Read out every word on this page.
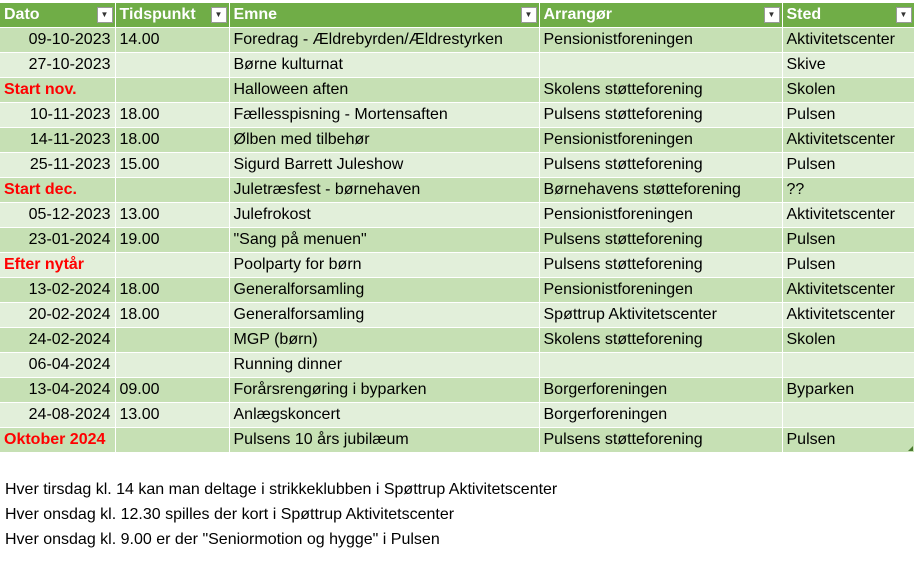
Dato ▼	Tidspunkt ▼	Emne ▼	Arrangør ▼	Sted ▼

09-10-2023	14.00	Foredrag - Ældrebyrden/Ældrestyrken	Pensionistforeningen	Aktivitetscenter
27-10-2023		Børne kulturnat		Skive
Start nov.		Halloween aften	Skolens støtteforening	Skolen
10-11-2023	18.00	Fællesspisning - Mortensaften	Pulsens støtteforening	Pulsen
14-11-2023	18.00	Ølben med tilbehør	Pensionistforeningen	Aktivitetscenter
25-11-2023	15.00	Sigurd Barrett Juleshow	Pulsens støtteforening	Pulsen
Start dec.		Juletræsfest - børnehaven	Børnehavens støtteforening	??
05-12-2023	13.00	Julefrokost	Pensionistforeningen	Aktivitetscenter
23-01-2024	19.00	"Sang på menuen"	Pulsens støtteforening	Pulsen
Efter nytår		Poolparty for børn	Pulsens støtteforening	Pulsen
13-02-2024	18.00	Generalforsamling	Pensionistforeningen	Aktivitetscenter
20-02-2024	18.00	Generalforsamling	Spøttrup Aktivitetscenter	Aktivitetscenter
24-02-2024		MGP (børn)	Skolens støtteforening	Skolen
06-04-2024		Running dinner		
13-04-2024	09.00	Forårsrengøring i byparken	Borgerforeningen	Byparken
24-08-2024	13.00	Anlægskoncert	Borgerforeningen	
Oktober 2024		Pulsens 10 års jubilæum	Pulsens støtteforening	Pulsen
Hver tirsdag kl. 14 kan man deltage i strikkeklubben i Spøttrup Aktivitetscenter
Hver onsdag kl. 12.30 spilles der kort i Spøttrup Aktivitetscenter
Hver onsdag kl. 9.00 er der "Seniormotion og hygge" i Pulsen
